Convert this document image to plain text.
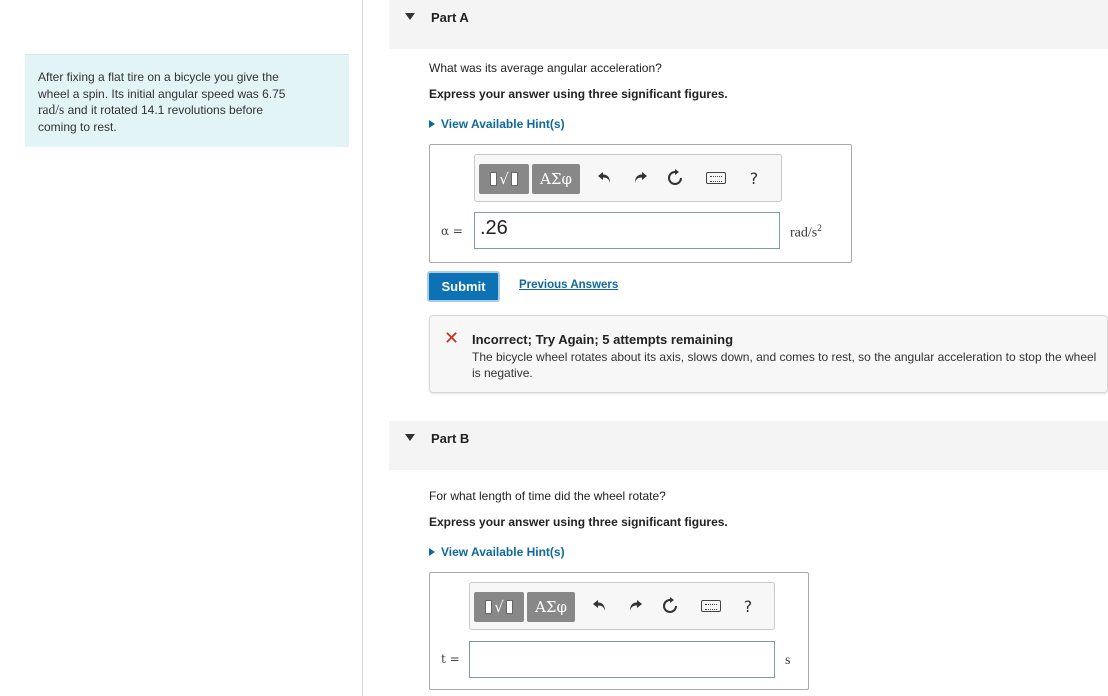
After fixing a flat tire on a bicycle you give the
wheel a spin. Its initial angular speed was 6.75
rad/s and it rotated 14.1 revolutions before
coming to rest.
Part A
What was its average angular acceleration?
Express your answer using three significant figures.
View Available Hint(s)
√	ΑΣφ	?
α = .26	rad/$s^2$
Submit	Previous Answers
✕ Incorrect; Try Again; 5 attempts remaining
The bicycle wheel rotates about its axis, slows down, and comes to rest, so the angular acceleration to stop the wheel is negative.
Part B
For what length of time did the wheel rotate?
Express your answer using three significant figures.
View Available Hint(s)
√	ΑΣφ	?
t =	s
